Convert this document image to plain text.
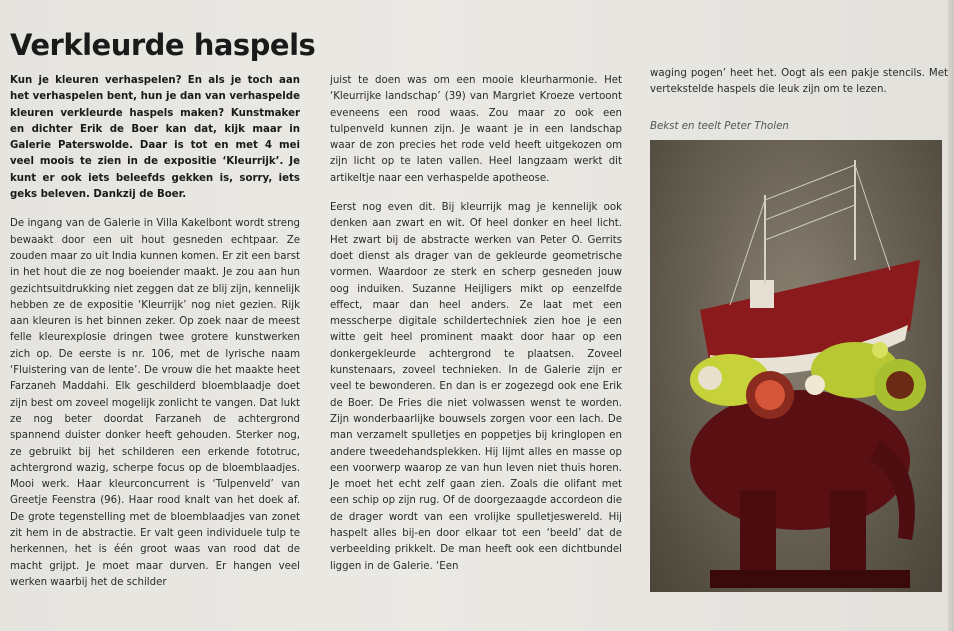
Verkleurde haspels

Kun je kleuren verhaspelen? En als je toch aan het verhaspelen bent, hun je dan van verhaspelde kleuren verkleurde haspels maken? Kunstmaker en dichter Erik de Boer kan dat, kijk maar in Galerie Paterswolde. Daar is tot en met 4 mei veel moois te zien in de expositie ‘Kleurrijk’. Je kunt er ook iets beleefds gekken is, sorry, iets geks beleven. Dankzij de Boer.

De ingang van de Galerie in Villa Kakelbont wordt streng bewaakt door een uit hout gesneden echtpaar. Ze zouden maar zo uit India kunnen komen. Er zit een barst in het hout die ze nog boeiender maakt. Je zou aan hun gezichtsuitdrukking niet zeggen dat ze blij zijn, kennelijk hebben ze de expositie ‘Kleurrijk’ nog niet gezien. Rijk aan kleuren is het binnen zeker. Op zoek naar de meest felle kleurexplosie dringen twee grotere kunstwerken zich op. De eerste is nr. 106, met de lyrische naam ‘Fluistering van de lente’. De vrouw die het maakte heet Farzaneh Maddahi. Elk geschilderd bloemblaadje doet zijn best om zoveel mogelijk zonlicht te vangen. Dat lukt ze nog beter doordat Farzaneh de achtergrond spannend duister donker heeft gehouden. Sterker nog, ze gebruikt bij het schilderen een erkende fototruc, achtergrond wazig, scherpe focus op de bloemblaadjes. Mooi werk. Haar kleurconcurrent is ‘Tulpenveld’ van Greetje Feenstra (96). Haar rood knalt van het doek af. De grote tegenstelling met de bloemblaadjes van zonet zit hem in de abstractie. Er valt geen individuele tulp te herkennen, het is één groot waas van rood dat de macht grijpt. Je moet maar durven. Er hangen veel werken waarbij het de schilder

juist te doen was om een mooie kleurharmonie. Het ‘Kleurrijke landschap’ (39) van Margriet Kroeze vertoont eveneens een rood waas. Zou maar zo ook een tulpenveld kunnen zijn. Je waant je in een landschap waar de zon precies het rode veld heeft uitgekozen om zijn licht op te laten vallen. Heel langzaam werkt dit artikeltje naar een verhaspelde apotheose.

Eerst nog even dit. Bij kleurrijk mag je kennelijk ook denken aan zwart en wit. Of heel donker en heel licht. Het zwart bij de abstracte werken van Peter O. Gerrits doet dienst als drager van de gekleurde geometrische vormen. Waardoor ze sterk en scherp gesneden jouw oog induiken. Suzanne Heijligers mikt op eenzelfde effect, maar dan heel anders. Ze laat met een messcherpe digitale schildertechniek zien hoe je een witte geit heel prominent maakt door haar op een donkergekleurde achtergrond te plaatsen. Zoveel kunstenaars, zoveel technieken. In de Galerie zijn er veel te bewonderen. En dan is er zogezegd ook ene Erik de Boer. De Fries die niet volwassen wenst te worden. Zijn wonderbaarlijke bouwsels zorgen voor een lach. De man verzamelt spulletjes en poppetjes bij kringlopen en andere tweedehandsplekken. Hij lijmt alles en masse op een voorwerp waarop ze van hun leven niet thuis horen. Je moet het echt zelf gaan zien. Zoals die olifant met een schip op zijn rug. Of de doorgezaagde accordeon die de drager wordt van een vrolijke spulletjeswereld. Hij haspelt alles bij-en door elkaar tot een ‘beeld’ dat de verbeelding prikkelt. De man heeft ook een dichtbundel liggen in de Galerie. ‘Een

waging pogen’ heet het. Oogt als een pakje stencils. Met vertekstelde haspels die leuk zijn om te lezen.

Bekst en teelt Peter Tholen
